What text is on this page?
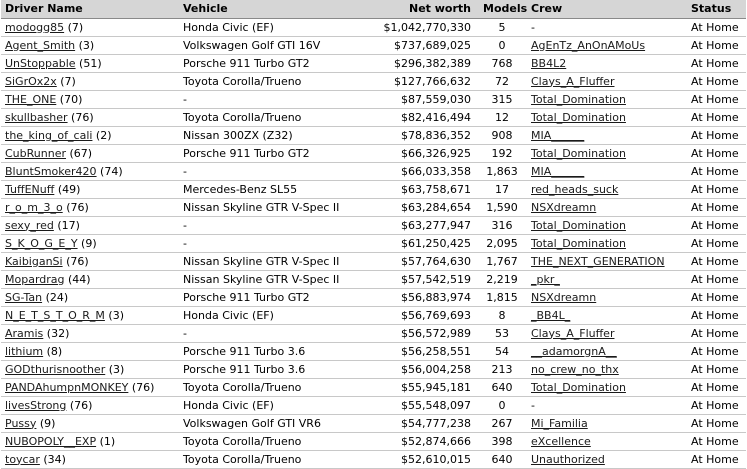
Driver Name	Vehicle	Net worth	Models	Crew	Status
modogg85 (7)	Honda Civic (EF)	$1,042,770,330	5	-	At Home
Agent_Smith (3)	Volkswagen Golf GTI 16V	$737,689,025	0	AgEnTz_AnOnAMoUs	At Home
UnStoppable (51)	Porsche 911 Turbo GT2	$296,382,389	768	BB4L2	At Home
SiGrOx2x (7)	Toyota Corolla/Trueno	$127,766,632	72	Clays_A_Fluffer	At Home
THE_ONE (70)	-	$87,559,030	315	Total_Domination	At Home
skullbasher (76)	Toyota Corolla/Trueno	$82,416,494	12	Total_Domination	At Home
the_king_of_cali (2)	Nissan 300ZX (Z32)	$78,836,352	908	MIA______	At Home
CubRunner (67)	Porsche 911 Turbo GT2	$66,326,925	192	Total_Domination	At Home
BluntSmoker420 (74)	-	$66,033,358	1,863	MIA______	At Home
TuffENuff (49)	Mercedes-Benz SL55	$63,758,671	17	red_heads_suck	At Home
r_o_m_3_o (76)	Nissan Skyline GTR V-Spec II	$63,284,654	1,590	NSXdreamn	At Home
sexy_red (17)	-	$63,277,947	316	Total_Domination	At Home
S_K_O_G_E_Y (9)	-	$61,250,425	2,095	Total_Domination	At Home
KaibiganSi (76)	Nissan Skyline GTR V-Spec II	$57,764,630	1,767	THE_NEXT_GENERATION	At Home
Mopardrag (44)	Nissan Skyline GTR V-Spec II	$57,542,519	2,219	_pkr_	At Home
SG-Tan (24)	Porsche 911 Turbo GT2	$56,883,974	1,815	NSXdreamn	At Home
N_E_T_S_T_O_R_M (3)	Honda Civic (EF)	$56,769,693	8	_BB4L_	At Home
Aramis (32)	-	$56,572,989	53	Clays_A_Fluffer	At Home
lithium (8)	Porsche 911 Turbo 3.6	$56,258,551	54	__adamorgnA__	At Home
GODthurisnoother (3)	Porsche 911 Turbo 3.6	$56,004,258	213	no_crew_no_thx	At Home
PANDAhumpnMONKEY (76)	Toyota Corolla/Trueno	$55,945,181	640	Total_Domination	At Home
livesStrong (76)	Honda Civic (EF)	$55,548,097	0	-	At Home
Pussy (9)	Volkswagen Golf GTI VR6	$54,777,238	267	Mi_Familia	At Home
NUBOPOLY__EXP (1)	Toyota Corolla/Trueno	$52,874,666	398	eXcellence	At Home
toycar (34)	Toyota Corolla/Trueno	$52,610,015	640	Unauthorized	At Home
